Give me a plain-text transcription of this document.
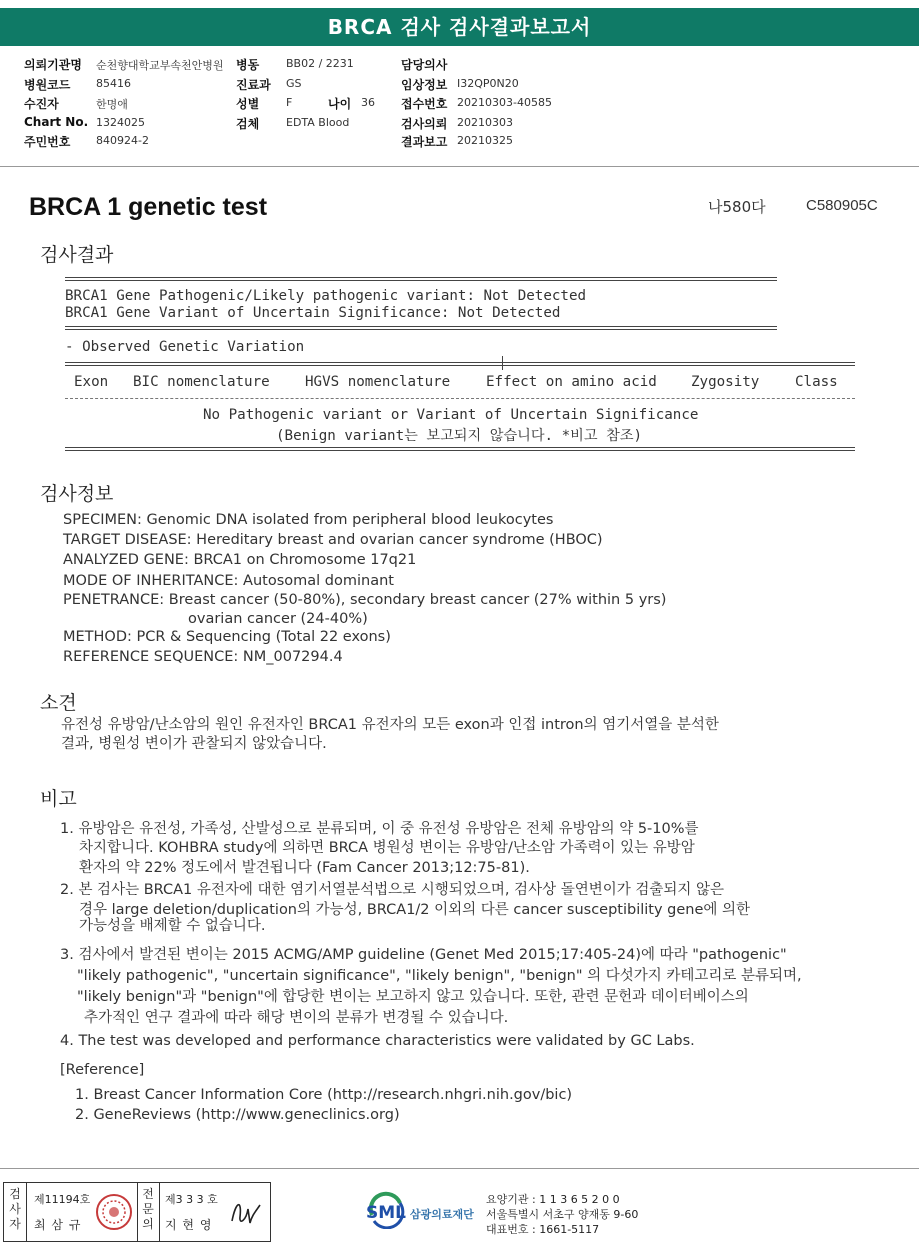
BRCA 검사 검사결과보고서
의뢰기관명 순천향대학교부속천안병원
병원코드 85416
수진자	한명애
Chart No. 1324025
주민번호 840924-2
병동 BB02 / 2231
진료과 GS
성별 F	나이 36
검체 EDTA Blood
담당의사
임상정보 I32QP0N20
접수번호 20210303-40585
검사의뢰 20210303
결과보고 20210325
BRCA 1 genetic test	나580다	C580905C
검사결과
BRCA1 Gene Pathogenic/Likely pathogenic variant: Not Detected
BRCA1 Gene Variant of Uncertain Significance: Not Detected
- Observed Genetic Variation
Exon BIC nomenclature HGVS nomenclature	Effect on amino acid Zygosity	Class
No Pathogenic variant or Variant of Uncertain Significance
(Benign variant는 보고되지 않습니다. *비고 참조)
검사정보
SPECIMEN: Genomic DNA isolated from peripheral blood leukocytes
TARGET DISEASE: Hereditary breast and ovarian cancer syndrome (HBOC)
ANALYZED GENE: BRCA1 on Chromosome 17q21
MODE OF INHERITANCE: Autosomal dominant
PENETRANCE: Breast cancer (50-80%), secondary breast cancer (27% within 5 yrs)
ovarian cancer (24-40%)
METHOD: PCR & Sequencing (Total 22 exons)
REFERENCE SEQUENCE: NM_007294.4
소견
유전성 유방암/난소암의 원인 유전자인 BRCA1 유전자의 모든 exon과 인접 intron의 염기서열을 분석한
결과, 병원성 변이가 관찰되지 않았습니다.
비고
1. 유방암은 유전성, 가족성, 산발성으로 분류되며, 이 중 유전성 유방암은 전체 유방암의 약 5-10%를
차지합니다. KOHBRA study에 의하면 BRCA 병원성 변이는 유방암/난소암 가족력이 있는 유방암
환자의 약 22% 정도에서 발견됩니다 (Fam Cancer 2013;12:75-81).
2. 본 검사는 BRCA1 유전자에 대한 염기서열분석법으로 시행되었으며, 검사상 돌연변이가 검출되지 않은
경우 large deletion/duplication의 가능성, BRCA1/2 이외의 다른 cancer susceptibility gene에 의한
가능성을 배제할 수 없습니다.
3. 검사에서 발견된 변이는 2015 ACMG/AMP guideline (Genet Med 2015;17:405-24)에 따라 "pathogenic"
"likely pathogenic", "uncertain significance", "likely benign", "benign" 의 다섯가지 카테고리로 분류되며,
"likely benign"과 "benign"에 합당한 변이는 보고하지 않고 있습니다. 또한, 관련 문헌과 데이터베이스의
추가적인 연구 결과에 따라 해당 변이의 분류가 변경될 수 있습니다.
4. The test was developed and performance characteristics were validated by GC Labs.
[Reference]
1. Breast Cancer Information Core (http://research.nhgri.nih.gov/bic)
2. GeneReviews (http://www.geneclinics.org)
검사자
제11194호
최 삼 규
전문의
제3 3 3 호
지 현 영
SML 삼광의료재단
요양기관 : 1 1 3 6 5 2 0 0
서울특별시 서초구 양재동 9-60
대표번호 : 1661-5117
